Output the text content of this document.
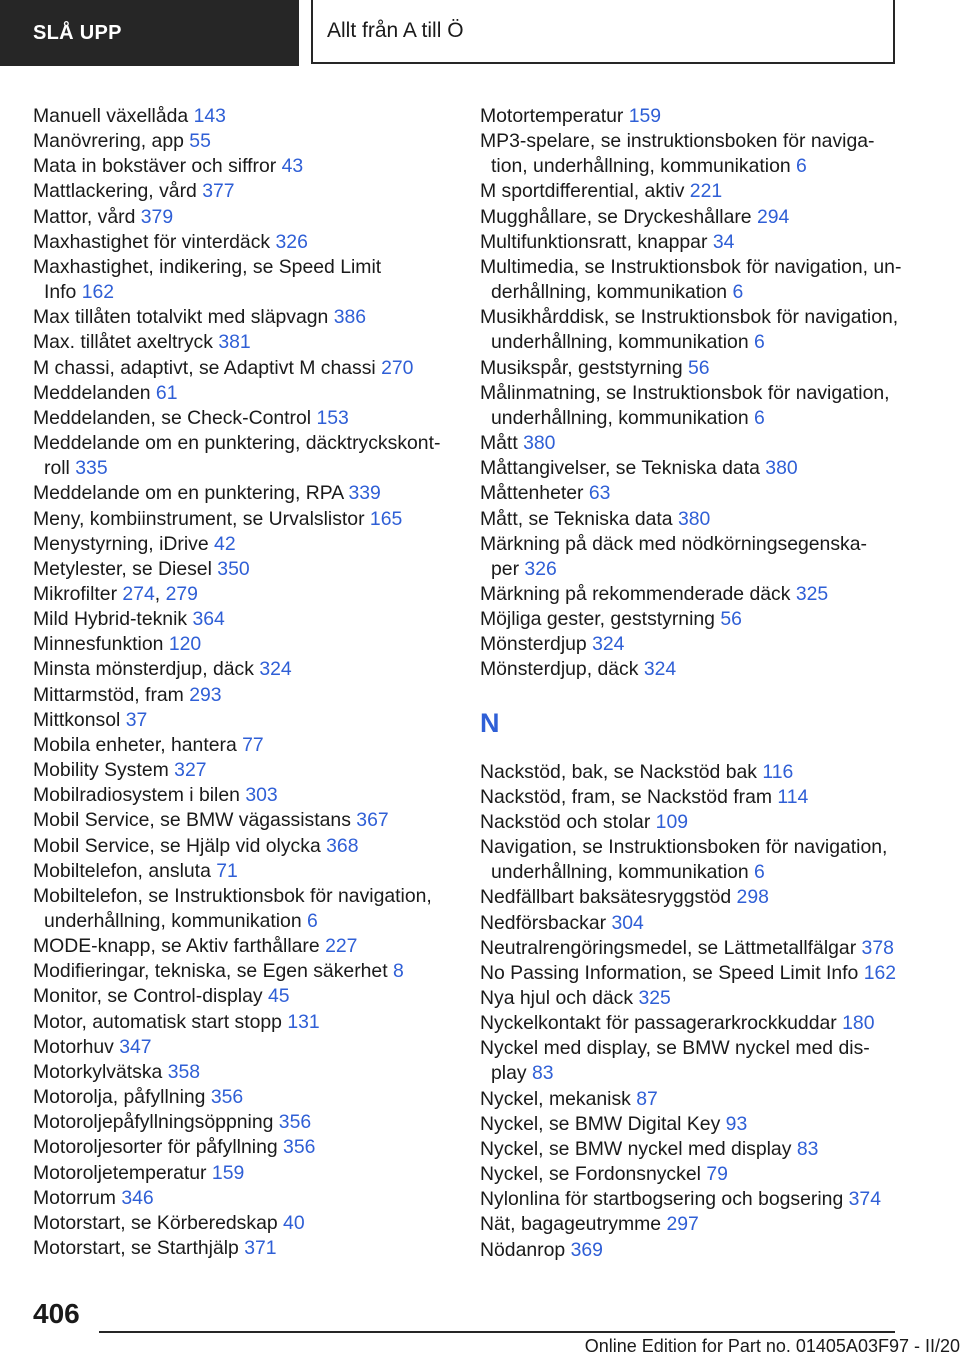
SLÅ UPP	Allt från A till Ö
Manuell växellåda 143
Manövrering, app 55
Mata in bokstäver och siffror 43
Mattlackering, vård 377
Mattor, vård 379
Maxhastighet för vinterdäck 326
Maxhastighet, indikering, se Speed Limit
Info 162
Max tillåten totalvikt med släpvagn 386
Max. tillåtet axeltryck 381
M chassi, adaptivt, se Adaptivt M chassi 270
Meddelanden 61
Meddelanden, se Check-Control 153
Meddelande om en punktering, däcktryckskont-
roll 335
Meddelande om en punktering, RPA 339
Meny, kombiinstrument, se Urvalslistor 165
Menystyrning, iDrive 42
Metylester, se Diesel 350
Mikrofilter 274, 279
Mild Hybrid-teknik 364
Minnesfunktion 120
Minsta mönsterdjup, däck 324
Mittarmstöd, fram 293
Mittkonsol 37
Mobila enheter, hantera 77
Mobility System 327
Mobilradiosystem i bilen 303
Mobil Service, se BMW vägassistans 367
Mobil Service, se Hjälp vid olycka 368
Mobiltelefon, ansluta 71
Mobiltelefon, se Instruktionsbok för navigation,
underhållning, kommunikation 6
MODE-knapp, se Aktiv farthållare 227
Modifieringar, tekniska, se Egen säkerhet 8
Monitor, se Control-display 45
Motor, automatisk start stopp 131
Motorhuv 347
Motorkylvätska 358
Motorolja, påfyllning 356
Motoroljepåfyllningsöppning 356
Motoroljesorter för påfyllning 356
Motoroljetemperatur 159
Motorrum 346
Motorstart, se Körberedskap 40
Motorstart, se Starthjälp 371
Motortemperatur 159
MP3-spelare, se instruktionsboken för naviga-
tion, underhållning, kommunikation 6
M sportdifferential, aktiv 221
Mugghållare, se Dryckeshållare 294
Multifunktionsratt, knappar 34
Multimedia, se Instruktionsbok för navigation, un-
derhållning, kommunikation 6
Musikhårddisk, se Instruktionsbok för navigation,
underhållning, kommunikation 6
Musikspår, geststyrning 56
Målinmatning, se Instruktionsbok för navigation,
underhållning, kommunikation 6
Mått 380
Måttangivelser, se Tekniska data 380
Måttenheter 63
Mått, se Tekniska data 380
Märkning på däck med nödkörningsegenska-
per 326
Märkning på rekommenderade däck 325
Möjliga gester, geststyrning 56
Mönsterdjup 324
Mönsterdjup, däck 324
N
Nackstöd, bak, se Nackstöd bak 116
Nackstöd, fram, se Nackstöd fram 114
Nackstöd och stolar 109
Navigation, se Instruktionsboken för navigation,
underhållning, kommunikation 6
Nedfällbart baksätesryggstöd 298
Nedförsbackar 304
Neutralrengöringsmedel, se Lättmetallfälgar 378
No Passing Information, se Speed Limit Info 162
Nya hjul och däck 325
Nyckelkontakt för passagerarkrockkuddar 180
Nyckel med display, se BMW nyckel med dis-
play 83
Nyckel, mekanisk 87
Nyckel, se BMW Digital Key 93
Nyckel, se BMW nyckel med display 83
Nyckel, se Fordonsnyckel 79
Nylonlina för startbogsering och bogsering 374
Nät, bagageutrymme 297
Nödanrop 369
406
Online Edition for Part no. 01405A03F97 - II/20
